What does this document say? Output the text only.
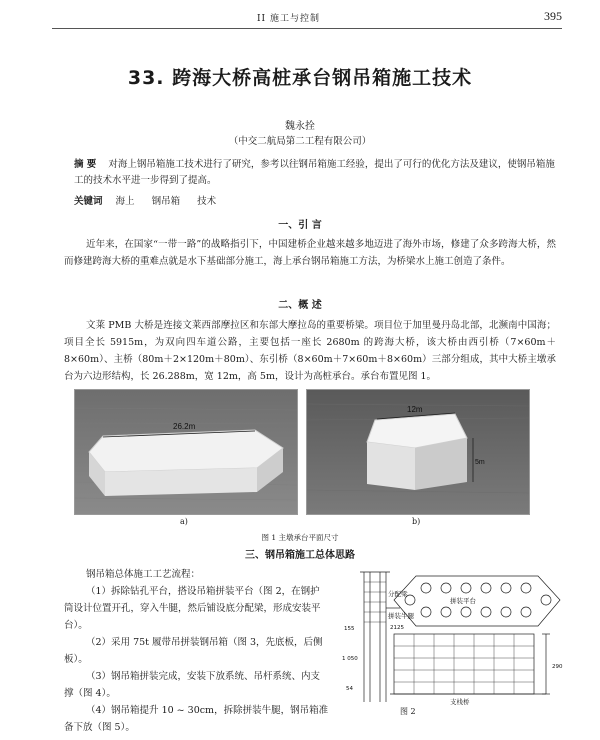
II 施工与控制	395
33. 跨海大桥高桩承台钢吊箱施工技术
魏永拴
（中交二航局第二工程有限公司）
摘 要 对海上钢吊箱施工技术进行了研究，参考以往钢吊箱施工经验，提出了可行的优化方法及建议，使钢吊箱施工的技术水平进一步得到了提高。
关键词 海上 钢吊箱 技术
一、引 言
近年来，在国家“一带一路”的战略指引下，中国建桥企业越来越多地迈进了海外市场，修建了众多跨海大桥，然而修建跨海大桥的重难点就是水下基础部分施工，海上承台钢吊箱施工方法，为桥梁水上施工创造了条件。
二、概 述
文莱 PMB 大桥是连接文莱西部摩拉区和东部大摩拉岛的重要桥梁。项目位于加里曼丹岛北部，北濒南中国海；项目全长 5915m，为双向四车道公路，主要包括一座长 2680m 的跨海大桥，该大桥由西引桥（7×60m＋8×60m）、主桥（80m＋2×120m＋80m）、东引桥（8×60m＋7×60m＋8×60m）三部分组成，其中大桥主墩承台为六边形结构，长 26.288m，宽 12m，高 5m，设计为高桩承台。承台布置见图 1。
26.2m
a)
12m
5m
b)
图 1 主墩承台平面尺寸
三、钢吊箱施工总体思路

钢吊箱总体施工工艺流程：

（1）拆除钻孔平台，搭设吊箱拼装平台（图 2，在钢护筒设计位置开孔，穿入牛腿，然后铺设底分配梁，形成安装平台）。

（2）采用 75t 履带吊拼装钢吊箱（图 3，先底板，后侧板）。

（3）钢吊箱拼装完成，安装下放系统、吊杆系统、内支撑（图 4）。

（4）钢吊箱提升 10 ~ 30cm，拆除拼装牛腿，钢吊箱准备下放（图 5）。

拼装平台
分配梁
拼装牛腿
支栈桥
2125
290
155
1 050
54
图 2
